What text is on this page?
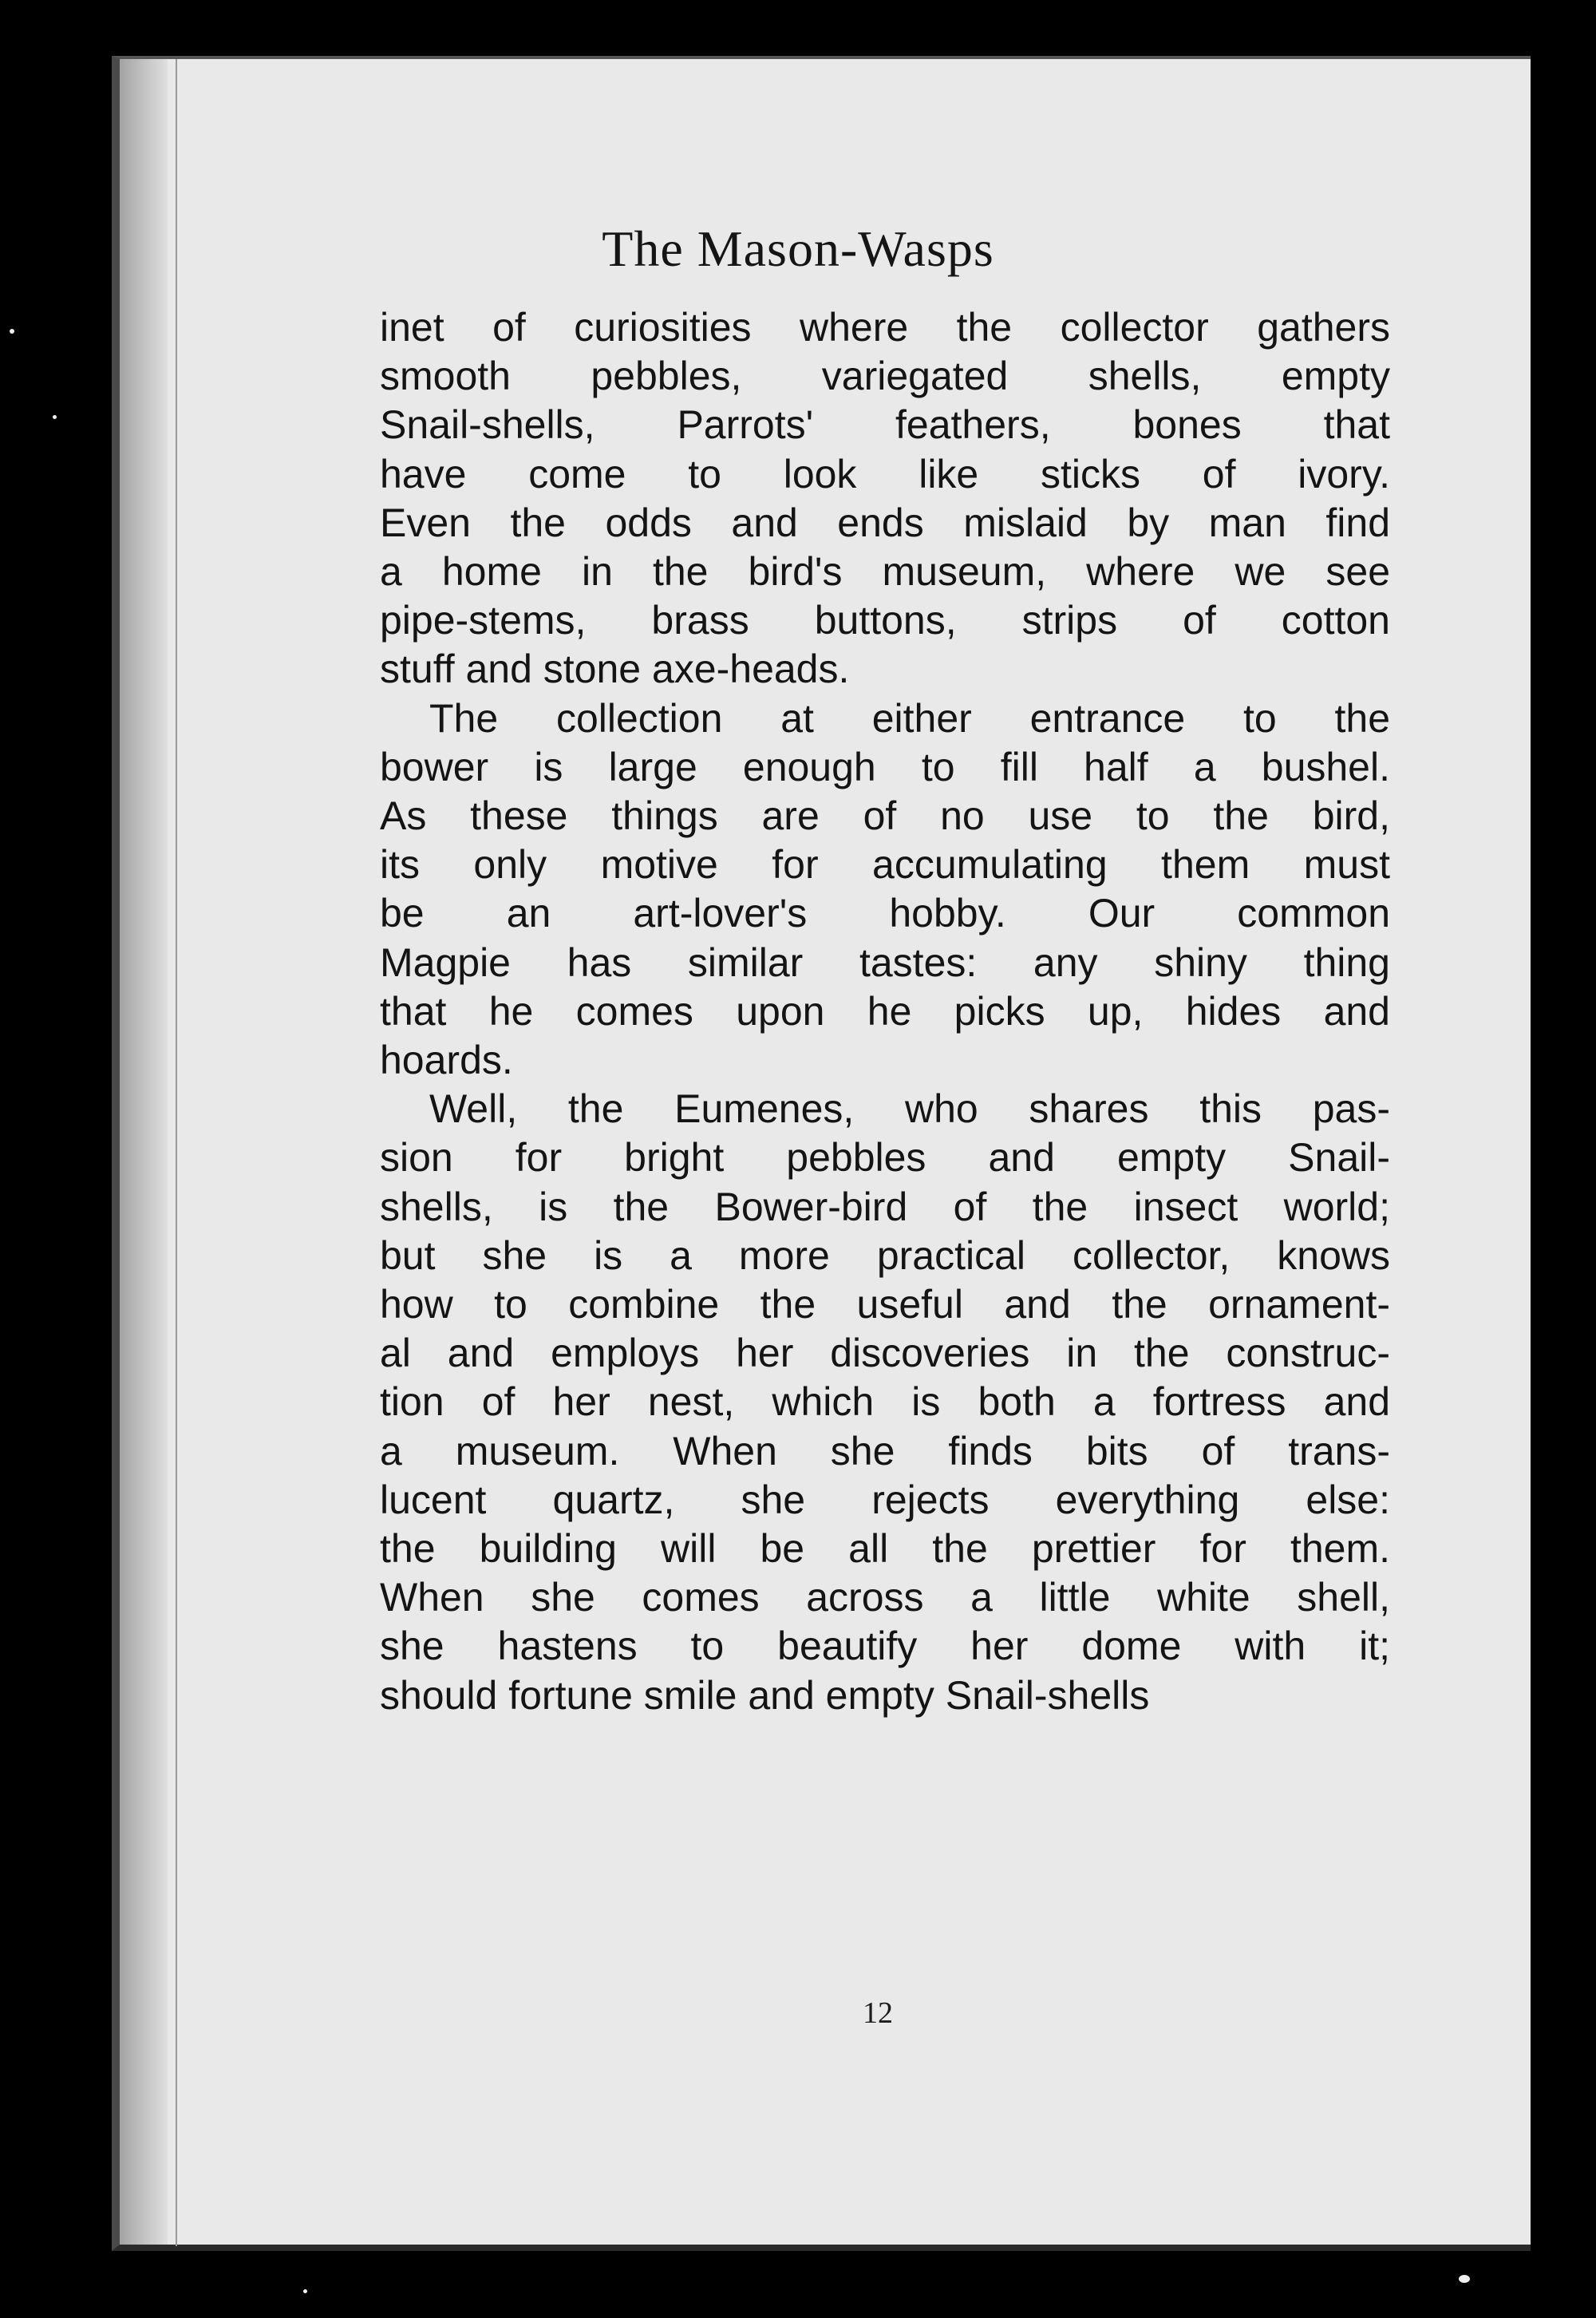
The Mason-Wasps
inet of curiosities where the collector gathers
smooth pebbles, variegated shells, empty
Snail-shells, Parrots' feathers, bones that
have come to look like sticks of ivory.
Even the odds and ends mislaid by man find
a home in the bird's museum, where we see
pipe-stems, brass buttons, strips of cotton
stuff and stone axe-heads.
The collection at either entrance to the
bower is large enough to fill half a bushel.
As these things are of no use to the bird,
its only motive for accumulating them must
be an art-lover's hobby. Our common
Magpie has similar tastes: any shiny thing
that he comes upon he picks up, hides and
hoards.
Well, the Eumenes, who shares this pas-
sion for bright pebbles and empty Snail-
shells, is the Bower-bird of the insect world;
but she is a more practical collector, knows
how to combine the useful and the ornament-
al and employs her discoveries in the construc-
tion of her nest, which is both a fortress and
a museum. When she finds bits of trans-
lucent quartz, she rejects everything else:
the building will be all the prettier for them.
When she comes across a little white shell,
she hastens to beautify her dome with it;
should fortune smile and empty Snail-shells
12
